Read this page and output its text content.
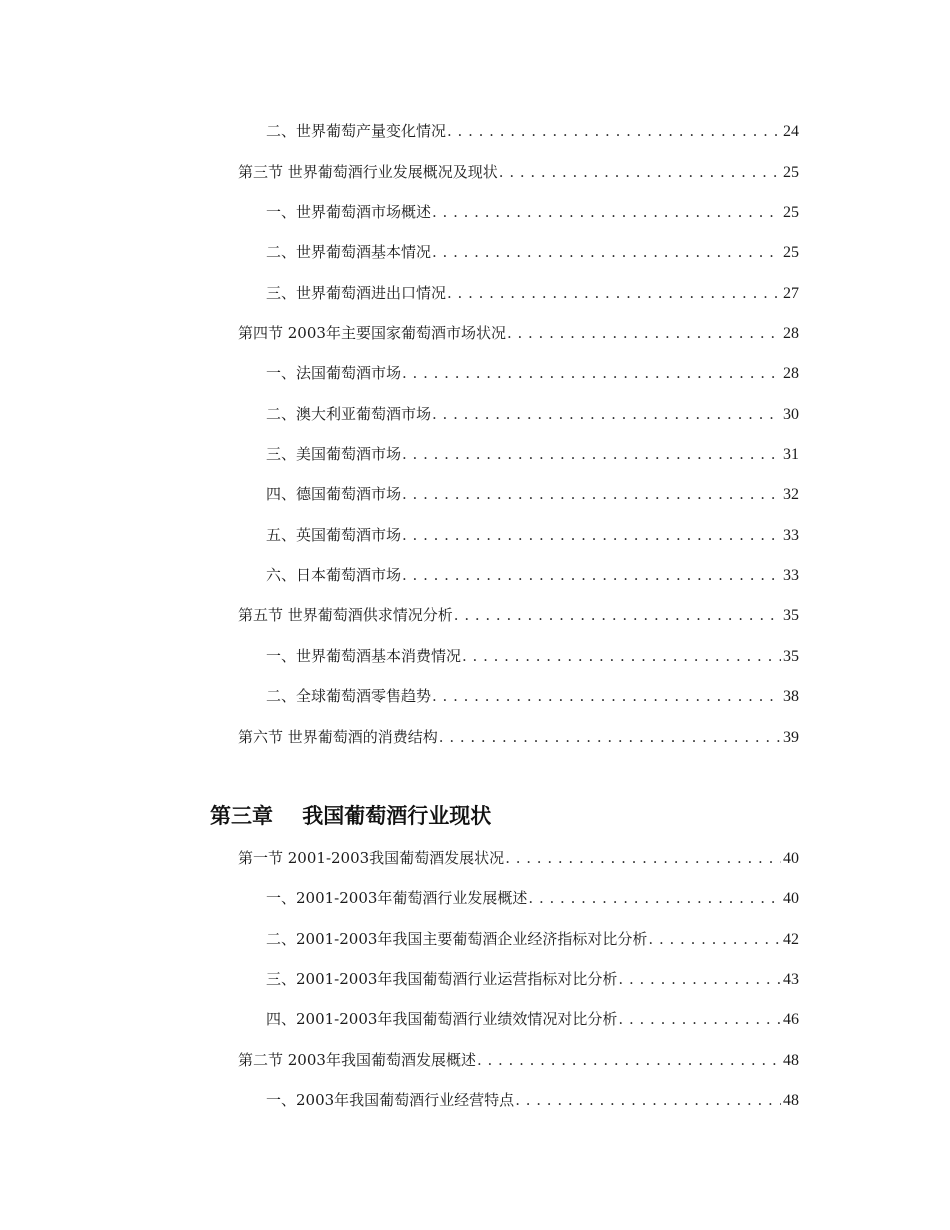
二、世界葡萄产量变化情况 . . .	24
第三节 世界葡萄酒行业发展概况及现状 . . .	25
一、世界葡萄酒市场概述 . . .	25
二、世界葡萄酒基本情况 . . .	25
三、世界葡萄酒进出口情况 . . .	27
第四节 2003年主要国家葡萄酒市场状况 . . .	28
一、法国葡萄酒市场 . . .	28
二、澳大利亚葡萄酒市场 . . .	30
三、美国葡萄酒市场 . . .	31
四、德国葡萄酒市场 . . .	32
五、英国葡萄酒市场 . . .	33
六、日本葡萄酒市场 . . .	33
第五节 世界葡萄酒供求情况分析 . . .	35
一、世界葡萄酒基本消费情况 . . .	35
二、全球葡萄酒零售趋势 . . .	38
第六节 世界葡萄酒的消费结构 . . .	39
第三章    我国葡萄酒行业现状
第一节 2001-2003我国葡萄酒发展状况 . . .	40
一、2001-2003年葡萄酒行业发展概述 . . .	40
二、2001-2003年我国主要葡萄酒企业经济指标对比分析 . . .	42
三、2001-2003年我国葡萄酒行业运营指标对比分析 . . .	43
四、2001-2003年我国葡萄酒行业绩效情况对比分析 . . .	46
第二节 2003年我国葡萄酒发展概述 . . .	48
一、2003年我国葡萄酒行业经营特点 . . .	48
